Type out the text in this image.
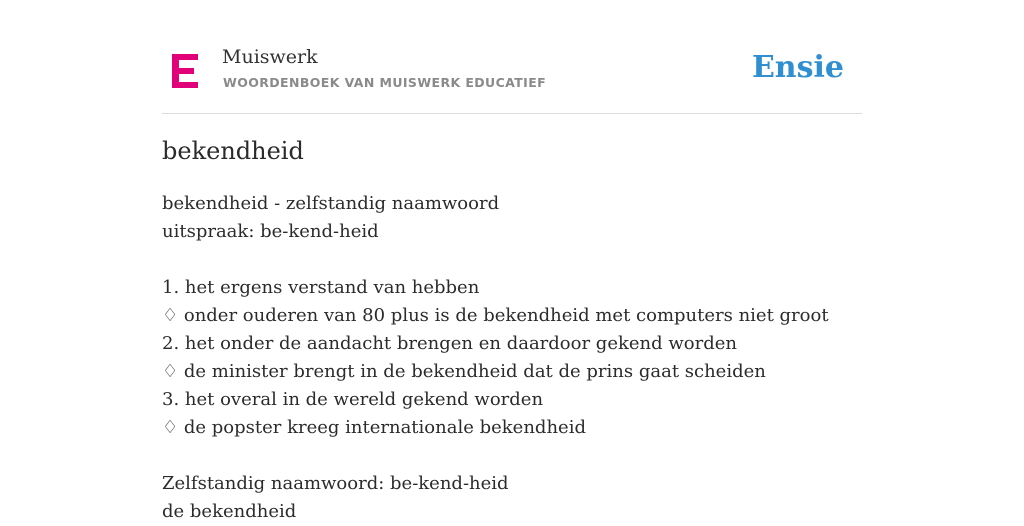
Muiswerk
WOORDENBOEK VAN MUISWERK EDUCATIEF	Ensie
bekendheid
bekendheid - zelfstandig naamwoord
uitspraak: be-kend-heid
1. het ergens verstand van hebben
♢ onder ouderen van 80 plus is de bekendheid met computers niet groot
2. het onder de aandacht brengen en daardoor gekend worden
♢ de minister brengt in de bekendheid dat de prins gaat scheiden
3. het overal in de wereld gekend worden
♢ de popster kreeg internationale bekendheid
Zelfstandig naamwoord: be-kend-heid
de bekendheid
